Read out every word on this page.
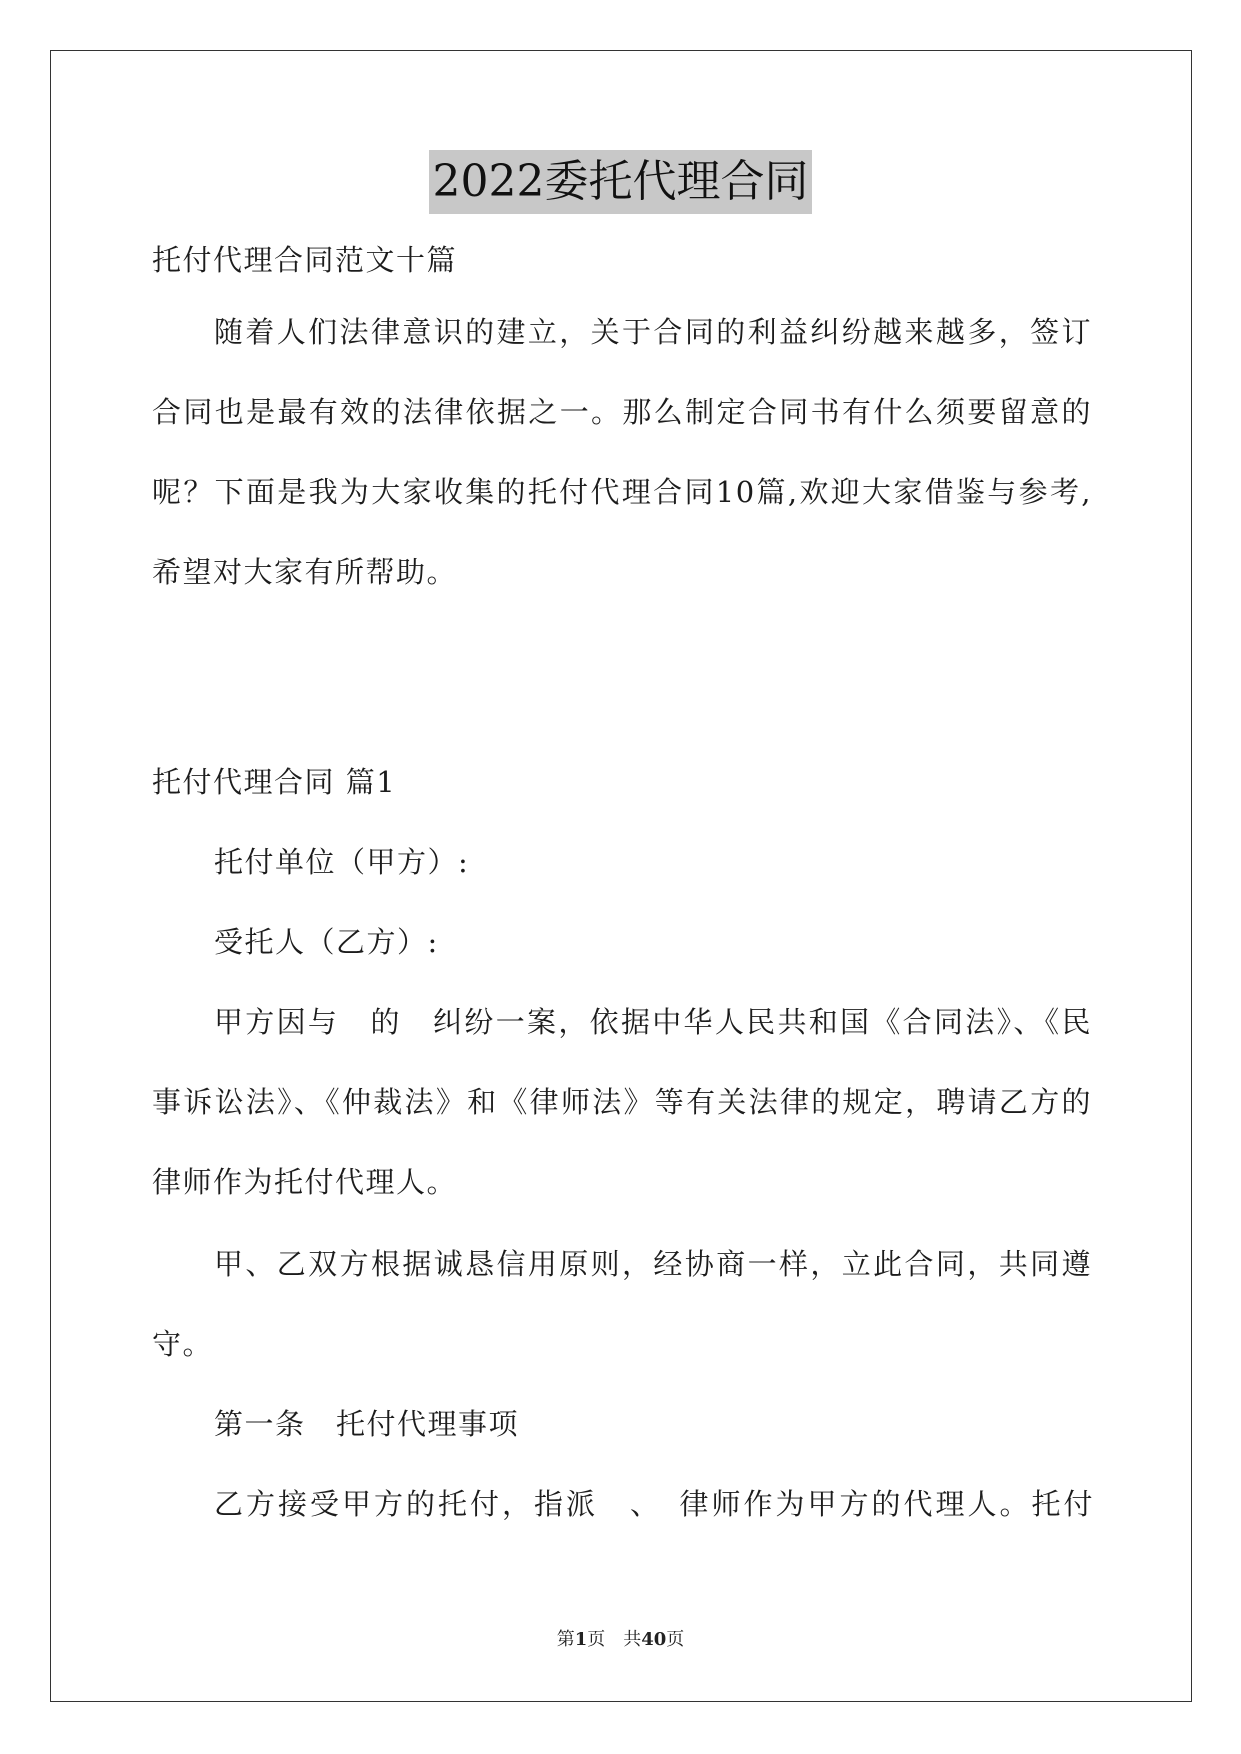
2022委托代理合同
托付代理合同范文十篇
随着人们法律意识的建立，关于合同的利益纠纷越来越多，签订
合同也是最有效的法律依据之一。那么制定合同书有什么须要留意的
呢？下面是我为大家收集的托付代理合同10篇,欢迎大家借鉴与参考,
希望对大家有所帮助。
托付代理合同 篇1
托付单位（甲方）:
受托人（乙方）:
甲方因与　的　纠纷一案，依据中华人民共和国《合同法》、《民
事诉讼法》、《仲裁法》和《律师法》等有关法律的规定，聘请乙方的
律师作为托付代理人。
甲、乙双方根据诚恳信用原则，经协商一样，立此合同，共同遵
守。
第一条　托付代理事项
乙方接受甲方的托付，指派　、　律师作为甲方的代理人。托付
第1页　共40页
